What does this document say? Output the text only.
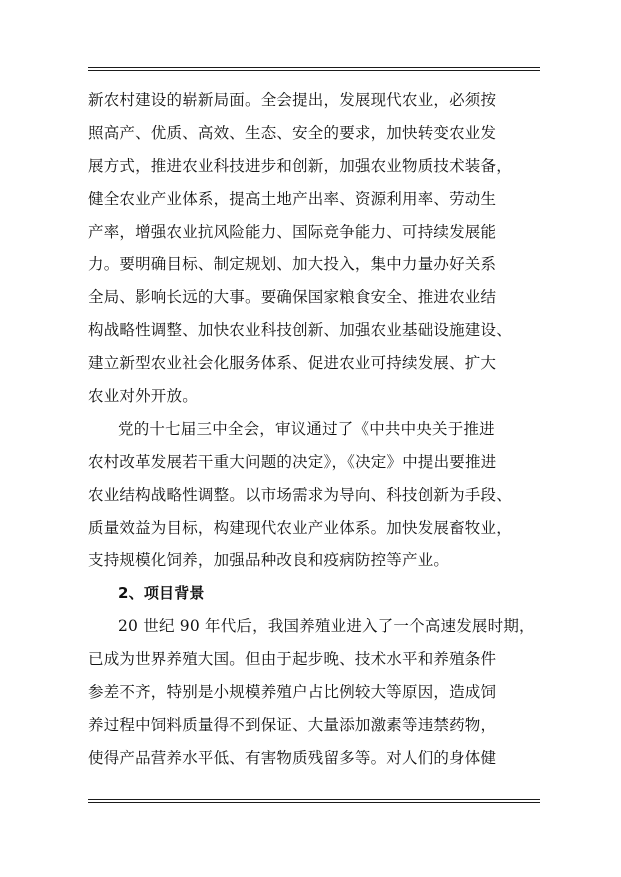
新农村建设的崭新局面。全会提出，发展现代农业，必须按
照高产、优质、高效、生态、安全的要求，加快转变农业发
展方式，推进农业科技进步和创新，加强农业物质技术装备，
健全农业产业体系，提高土地产出率、资源利用率、劳动生
产率，增强农业抗风险能力、国际竞争能力、可持续发展能
力。要明确目标、制定规划、加大投入，集中力量办好关系
全局、影响长远的大事。要确保国家粮食安全、推进农业结
构战略性调整、加快农业科技创新、加强农业基础设施建设、
建立新型农业社会化服务体系、促进农业可持续发展、扩大
农业对外开放。
党的十七届三中全会，审议通过了《中共中央关于推进
农村改革发展若干重大问题的决定》，《决定》中提出要推进
农业结构战略性调整。以市场需求为导向、科技创新为手段、
质量效益为目标，构建现代农业产业体系。加快发展畜牧业，
支持规模化饲养，加强品种改良和疫病防控等产业。
2、项目背景
20 世纪 90 年代后，我国养殖业进入了一个高速发展时期，
已成为世界养殖大国。但由于起步晚、技术水平和养殖条件
参差不齐，特别是小规模养殖户占比例较大等原因，造成饲
养过程中饲料质量得不到保证、大量添加激素等违禁药物，
使得产品营养水平低、有害物质残留多等。对人们的身体健
